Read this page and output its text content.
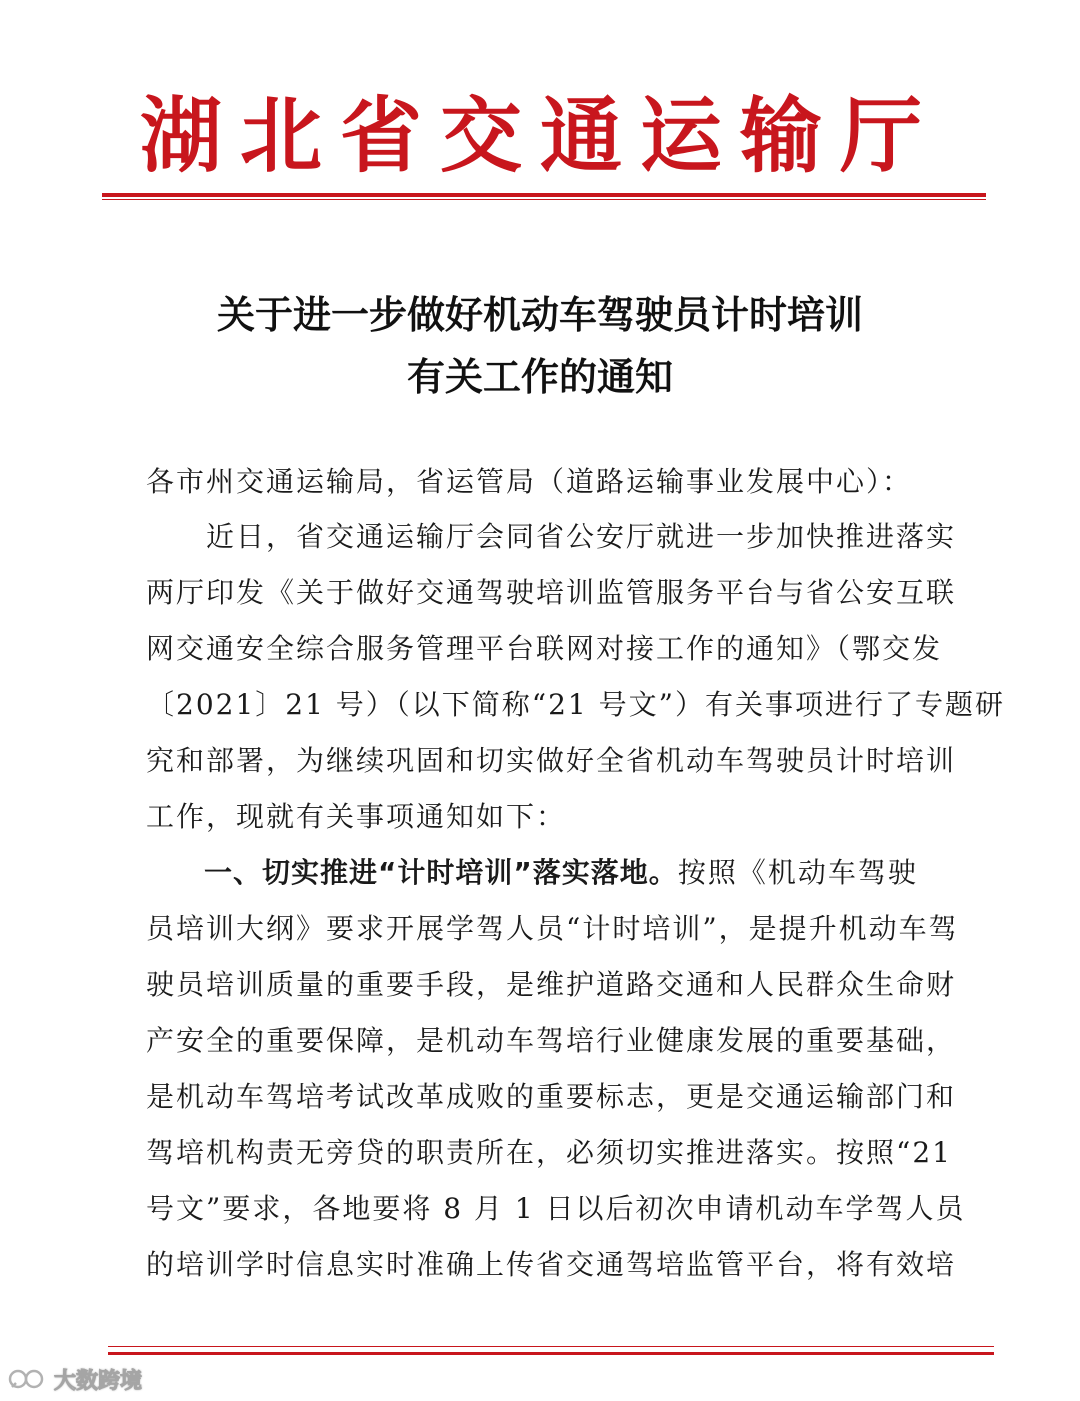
湖北省交通运输厅
关于进一步做好机动车驾驶员计时培训
有关工作的通知
各市州交通运输局，省运管局（道路运输事业发展中心）：
　　近日，省交通运输厅会同省公安厅就进一步加快推进落实
两厅印发《关于做好交通驾驶培训监管服务平台与省公安互联
网交通安全综合服务管理平台联网对接工作的通知》（鄂交发
〔2021〕21 号）（以下简称“21 号文”）有关事项进行了专题研
究和部署，为继续巩固和切实做好全省机动车驾驶员计时培训
工作，现就有关事项通知如下：
　　一、切实推进“计时培训”落实落地。按照《机动车驾驶
员培训大纲》要求开展学驾人员“计时培训”，是提升机动车驾
驶员培训质量的重要手段，是维护道路交通和人民群众生命财
产安全的重要保障，是机动车驾培行业健康发展的重要基础，
是机动车驾培考试改革成败的重要标志，更是交通运输部门和
驾培机构责无旁贷的职责所在，必须切实推进落实。按照“21
号文”要求，各地要将 8 月 1 日以后初次申请机动车学驾人员
的培训学时信息实时准确上传省交通驾培监管平台，将有效培
大数跨境
